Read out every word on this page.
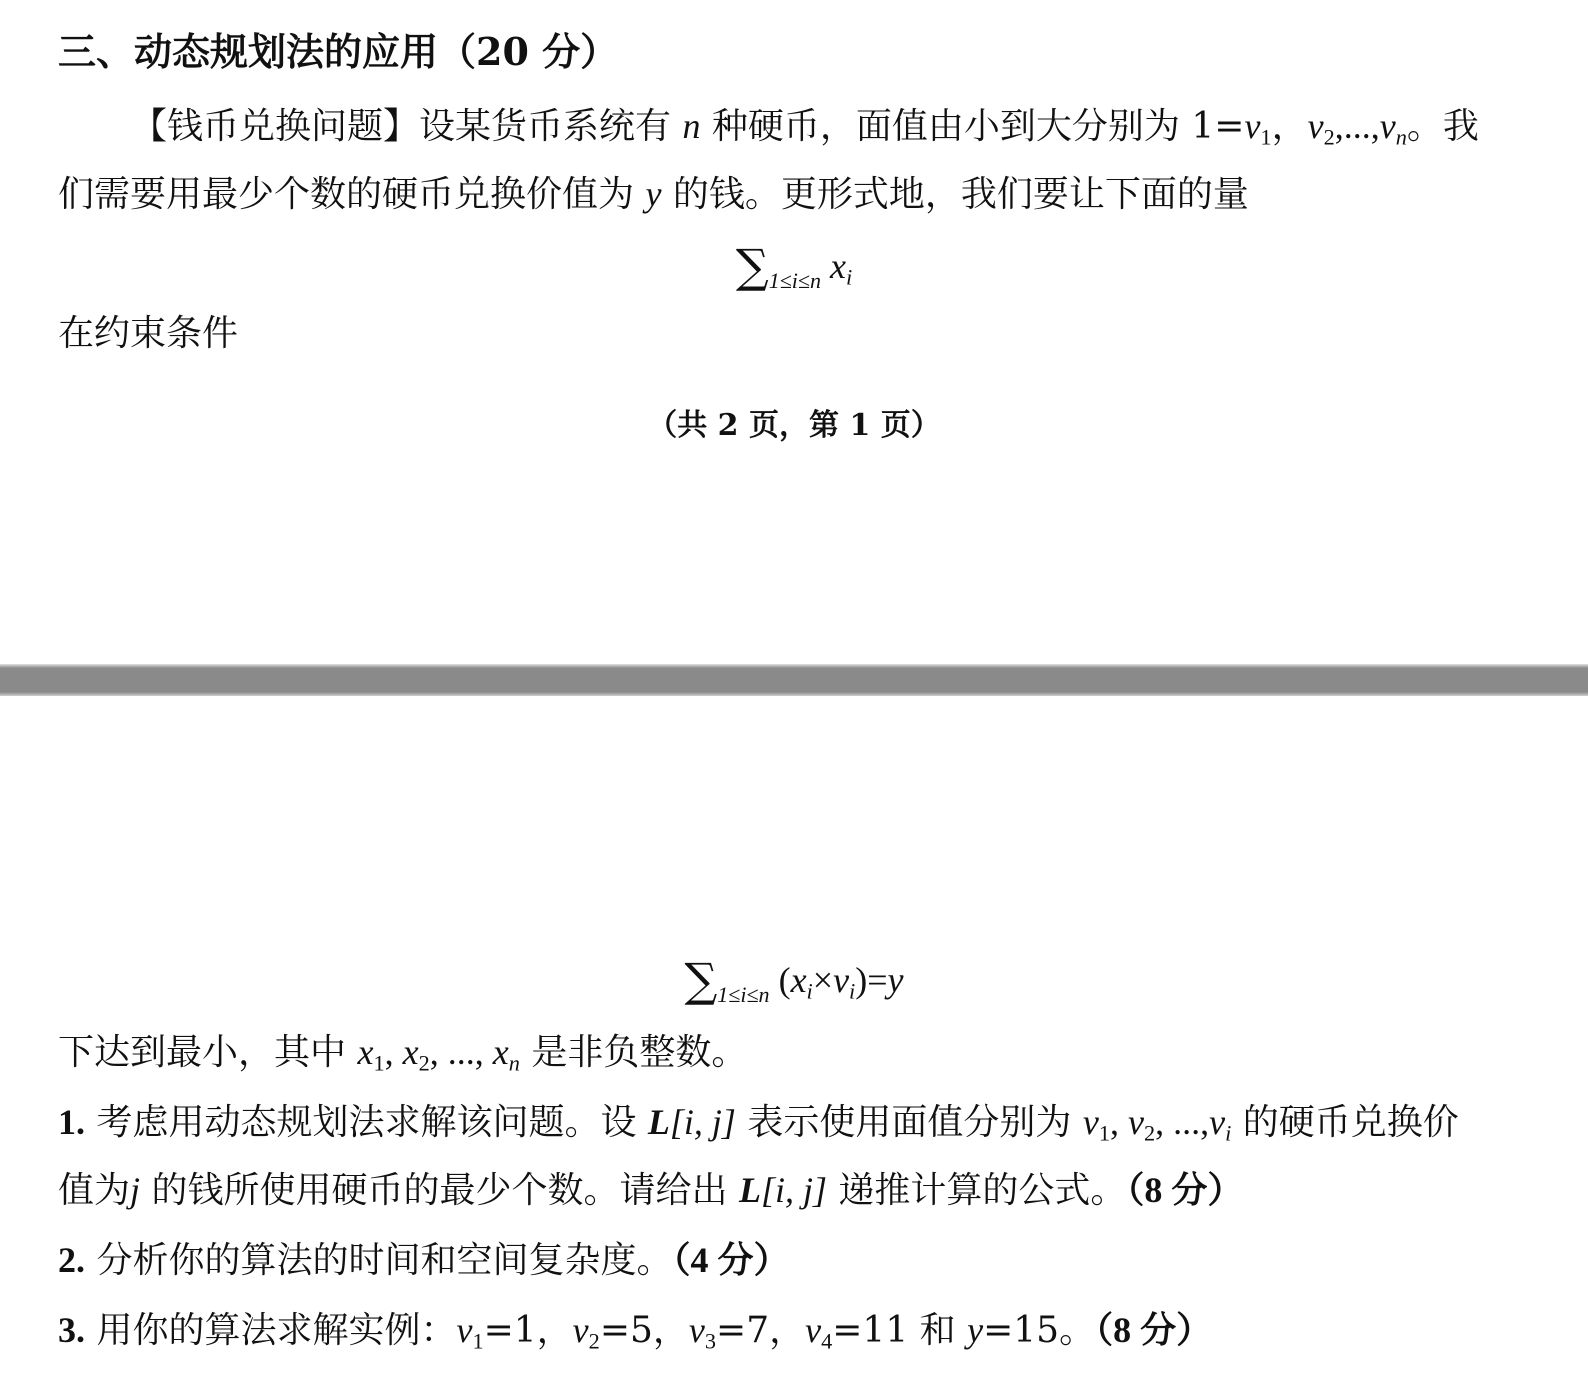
三、动态规划法的应用（20 分）
【钱币兑换问题】设某货币系统有 n 种硬币，面值由小到大分别为 $1=v_1$，$v_2,...,v_n$。我
们需要用最少个数的硬币兑换价值为 y 的钱。更形式地，我们要让下面的量
$\sum_{1\le i\le n}$ $x_i$
在约束条件
（共 2 页，第 1 页）
$\sum_{1\le i\le n}$ $(x_i\times v_i)=y$
下达到最小，其中 $x_1$, $x_2$, ..., $x_n$ 是非负整数。
1. 考虑用动态规划法求解该问题。设 L[i, j] 表示使用面值分别为 $v_1$, $v_2$, $...,v_i$ 的硬币兑换价
值为j 的钱所使用硬币的最少个数。请给出 L[i, j] 递推计算的公式。（8 分）
2. 分析你的算法的时间和空间复杂度。（4 分）
3. 用你的算法求解实例：$v_1=1$，$v_2=5$，$v_3=7$，$v_4=11$ 和 y=15。（8 分）
